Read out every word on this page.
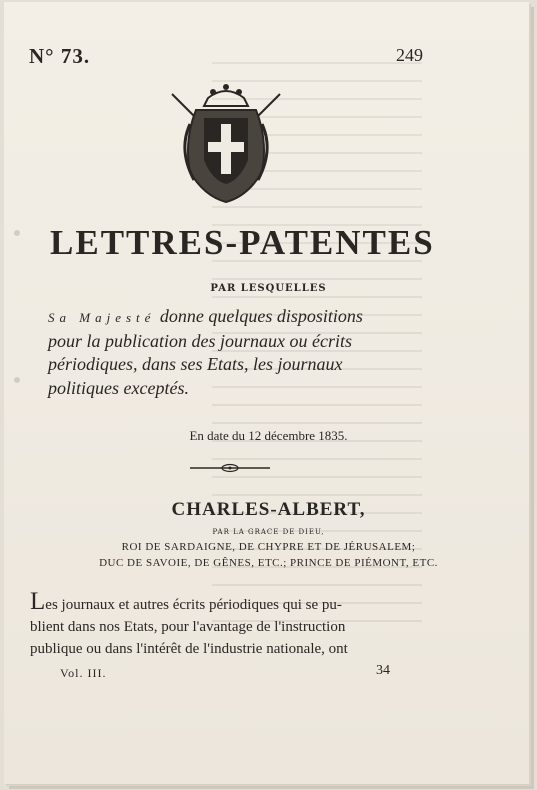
N° 73.	249
LETTRES-PATENTES
PAR LESQUELLES
Sa Majesté donne quelques dispositions
pour la publication des journaux ou écrits
périodiques, dans ses Etats, les journaux
politiques exceptés.
En date du 12 décembre 1835.
CHARLES-ALBERT,
PAR LA GRACE DE DIEU,
ROI DE SARDAIGNE, DE CHYPRE ET DE JÉRUSALEM;
DUC DE SAVOIE, DE GÊNES, ETC.; PRINCE DE PIÉMONT, ETC.
Les journaux et autres écrits périodiques qui se pu-
blient dans nos Etats, pour l'avantage de l'instruction
publique ou dans l'intérêt de l'industrie nationale, ont
Vol. III.	34
